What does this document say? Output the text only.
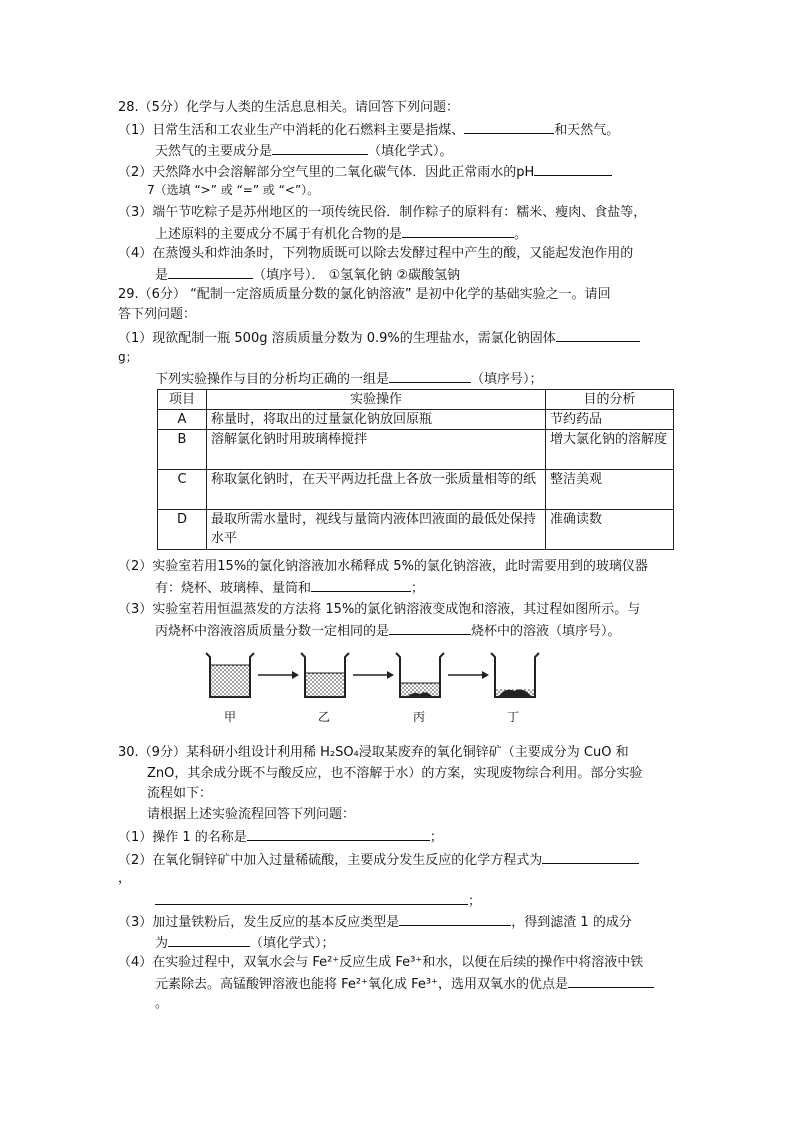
28.（5分）化学与人类的生活息息相关。请回答下列问题：
（1）日常生活和工农业生产中消耗的化石燃料主要是指煤、	和天然气。
天然气的主要成分是	（填化学式）。
（2）天然降水中会溶解部分空气里的二氧化碳气体．因此正常雨水的pH
7（选填 “>” 或 “=” 或 “<”）。
（3）端午节吃粽子是苏州地区的一项传统民俗．制作粽子的原料有：糯米、瘦肉、食盐等，
上述原料的主要成分不属于有机化合物的是	。
（4）在蒸馒头和炸油条时，下列物质既可以除去发酵过程中产生的酸，又能起发泡作用的
是	（填序号）． ①氢氧化钠 ②碳酸氢钠
29.（6分） “配制一定溶质质量分数的氯化钠溶液” 是初中化学的基础实验之一。请回
答下列问题：
（1）现欲配制一瓶 500g 溶质质量分数为 0.9%的生理盐水，需氯化钠固体
g；
下列实验操作与目的分析均正确的一组是	（填序号）；
项目	实验操作	目的分析
A	称量时，将取出的过量氯化钠放回原瓶	节约药品
B	溶解氯化钠时用玻璃棒搅拌	增大氯化钠的溶解度
C	称取氯化钠时，在天平两边托盘上各放一张质量相等的纸	整洁美观
D	最取所需水量时，视线与量筒内液体凹液面的最低处保持水平	准确读数
（2）实验室若用15%的氯化钠溶液加水稀释成 5%的氯化钠溶液，此时需要用到的玻璃仪器
有：烧杯、玻璃棒、量筒和	；
（3）实验室若用恒温蒸发的方法将 15%的氯化钠溶液变成饱和溶液，其过程如图所示。与
丙烧杯中溶液溶质质量分数一定相同的是	烧杯中的溶液（填序号）。
甲	乙	丙	丁
30.（9分）某科研小组设计利用稀 H₂SO₄浸取某废弃的氧化铜锌矿（主要成分为 CuO 和
ZnO，其余成分既不与酸反应，也不溶解于水）的方案，实现废物综合利用。部分实验
流程如下：
请根据上述实验流程回答下列问题：
（1）操作 1 的名称是	；
（2）在氧化铜锌矿中加入过量稀硫酸，主要成分发生反应的化学方程式为
，
；
（3）加过量铁粉后，发生反应的基本反应类型是	，得到滤渣 1 的成分
为	（填化学式）；
（4）在实验过程中，双氧水会与 Fe²⁺反应生成 Fe³⁺和水，以便在后续的操作中将溶液中铁
元素除去。高锰酸钾溶液也能将 Fe²⁺氧化成 Fe³⁺，选用双氧水的优点是
。
